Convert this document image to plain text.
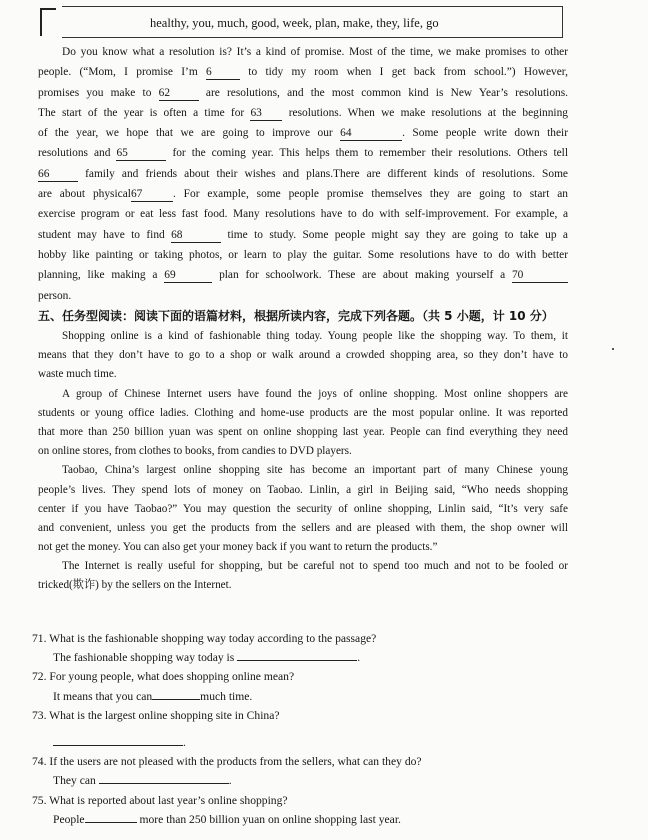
healthy, you, much, good, week, plan, make, they, life, go
Do you know what a resolution is? It’s a kind of promise. Most of the time, we make promises to other
people. (“Mom, I promise I’m 6	to tidy my room when I get back from school.”) However,
promises you make to 62	are resolutions, and the most common kind is New Year’s resolutions.
The start of the year is often a time for 63 resolutions. When we make resolutions at the beginning
of the year, we hope that we are going to improve our 64	. Some people write down their
resolutions and 65	for the coming year. This helps them to remember their resolutions. Others tell
66	family and friends about their wishes and plans.There are different kinds of resolutions. Some
are about physical67	. For example, some people promise themselves they are going to start an
exercise program or eat less fast food. Many resolutions have to do with self-improvement. For example, a
student may have to find 68	time to study. Some people might say they are going to take up a
hobby like painting or taking photos, or learn to play the guitar. Some resolutions have to do with better
planning, like making a 69	plan for schoolwork. These are about making yourself a 70
person.
五、任务型阅读：阅读下面的语篇材料，根据所读内容，完成下列各题。（共 5 小题，计 10 分）
Shopping online is a kind of fashionable thing today. Young people like the shopping way. To them, it
means that they don’t have to go to a shop or walk around a crowded shopping area, so they don’t have to
waste much time.
A group of Chinese Internet users have found the joys of online shopping. Most online shoppers are
students or young office ladies. Clothing and home-use products are the most popular online. It was reported
that more than 250 billion yuan was spent on online shopping last year. People can find everything they need
on online stores, from clothes to books, from candies to DVD players.
Taobao, China’s largest online shopping site has become an important part of many Chinese young
people’s lives. They spend lots of money on Taobao. Linlin, a girl in Beijing said, “Who needs shopping
center if you have Taobao?” You may question the security of online shopping, Linlin said, “It’s very safe
and convenient, unless you get the products from the sellers and are pleased with them, the shop owner will
not get the money. You can also get your money back if you want to return the products.”
The Internet is really useful for shopping, but be careful not to spend too much and not to be fooled or
tricked(欺诈) by the sellers on the Internet.
71. What is the fashionable shopping way today according to the passage?
The fashionable shopping way today is	.
72. For young people, what does shopping online mean?
It means that you can	much time.
73. What is the largest online shopping site in China?
.
74. If the users are not pleased with the products from the sellers, what can they do?
They can	.
75. What is reported about last year’s online shopping?
People	more than 250 billion yuan on online shopping last year.
